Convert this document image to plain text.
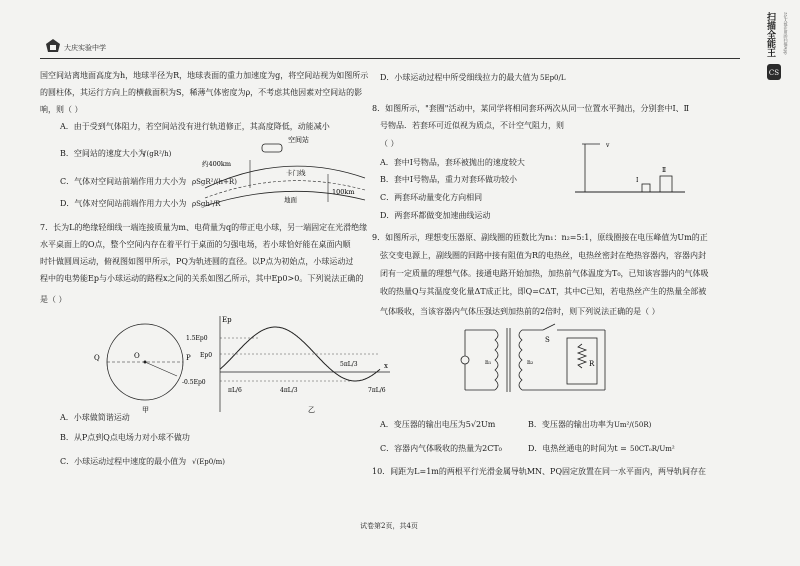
大庆实验中学
CS
扫描全能王 3亿人都在用的扫描App
国空间站离地面高度为h，地球半径为R，地球表面的重力加速度为g，将空间站视为如图所示
的圆柱体，其运行方向上的横截面积为S，稀薄气体密度为ρ，不考虑其他因素对空间站的影
响，则（ ）
A．由于受到气体阻力，若空间站没有进行轨道修正，其高度降低，动能减小
B．空间站的速度大小为
√(gR²/h)
C．气体对空间站前端作用力大小为 ρSgR²/(h+R)
D．气体对空间站前端作用力大小为 ρSgh²/R
空间站
约400km
卡门线
地面
100km
7．长为L的绝缘轻细线一端连接质量为m、电荷量为q的带正电小球，另一端固定在光滑绝缘
水平桌面上的O点，整个空间内存在着平行于桌面的匀强电场，若小球恰好能在桌面内顺
时针做圆周运动，俯视图如图甲所示，PQ为轨迹圆的直径。以P点为初始点，小球运动过
程中的电势能Ep与小球运动的路程x之间的关系如图乙所示，其中Ep0>0。下列说法正确的
是（ ）
O	P
Q
甲
Ep
x
1.5Ep0
Ep0
-0.5Ep0
πL/6	4πL/3
5πL/3
7πL/6
乙
A．小球做简谐运动
B．从P点到Q点电场力对小球不做功
C．小球运动过程中速度的最小值为 √(Ep0/m)
D．小球运动过程中所受细线拉力的最大值为 5Ep0/L
8．如图所示，"套圈"活动中，某同学将相同套环两次从同一位置水平抛出，分别套中Ⅰ、Ⅱ
号物品．若套环可近似视为质点，不计空气阻力，则
（ ）
A．套中Ⅰ号物品，套环被抛出的速度较大
B．套中Ⅰ号物品，重力对套环做功较小
C．两套环动量变化方向相同
D．两套环都做变加速曲线运动
v
Ⅰ
Ⅱ
9．如图所示，理想变压器原、副线圈的匝数比为n₁：n₂=5:1，原线圈接在电压峰值为Um的正
弦交变电源上，副线圈的回路中接有阻值为R的电热丝，电热丝密封在绝热容器内，容器内封
闭有一定质量的理想气体。接通电路开始加热，加热前气体温度为T₀，已知该容器内的气体吸
收的热量Q与其温度变化量ΔT成正比，即Q=CΔT，其中C已知，若电热丝产生的热量全部被
气体吸收，当该容器内气体压强达到加热前的2倍时，则下列说法正确的是（ ）
n₁	n₂
S
R
A．变压器的输出电压为5√2Um	B．变压器的输出功率为 Um²/(50R)
C．容器内气体吸收的热量为2CT₀	D．电热丝通电的时间为t = 50CT₀R/Um²
10．间距为L=1m的两根平行光滑金属导轨MN、PQ固定放置在同一水平面内，两导轨间存在
试卷第2页，共4页
